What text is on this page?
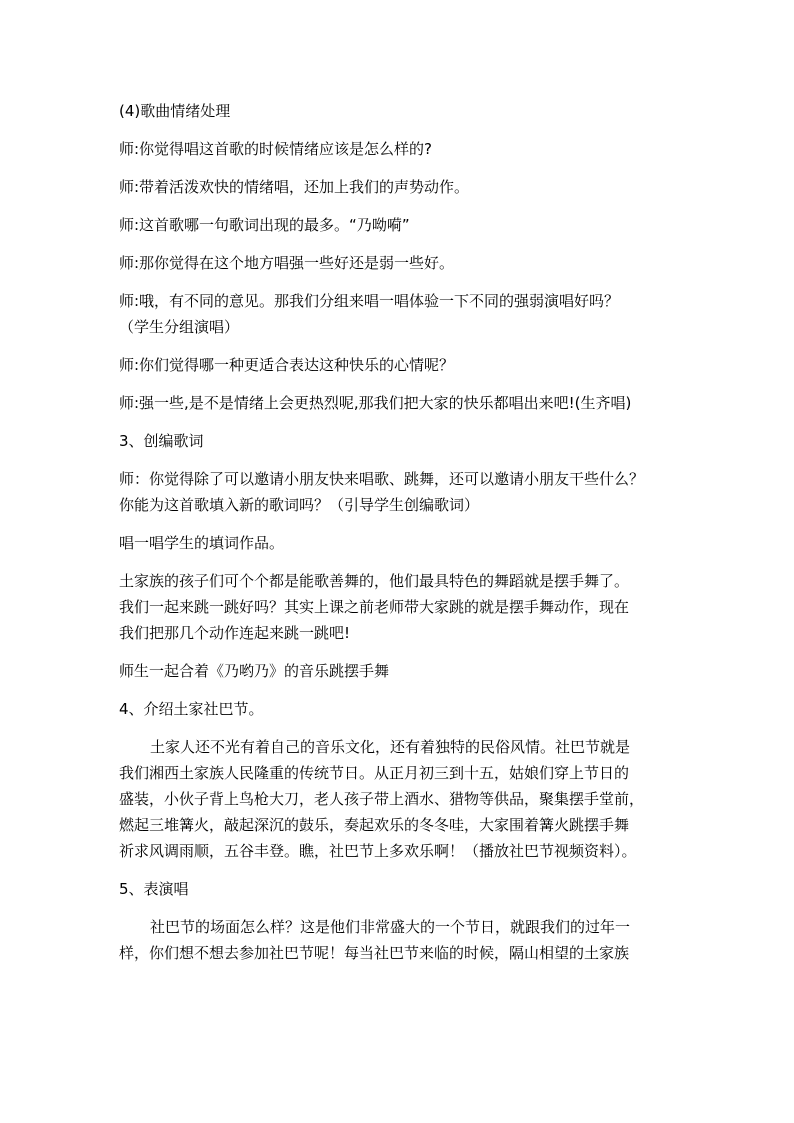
(4)歌曲情绪处理
师:你觉得唱这首歌的时候情绪应该是怎么样的?
师:带着活泼欢快的情绪唱，还加上我们的声势动作。
师:这首歌哪一句歌词出现的最多。“乃呦嗬”
师:那你觉得在这个地方唱强一些好还是弱一些好。
师:哦，有不同的意见。那我们分组来唱一唱体验一下不同的强弱演唱好吗？
（学生分组演唱）
师:你们觉得哪一种更适合表达这种快乐的心情呢？
师:强一些,是不是情绪上会更热烈呢,那我们把大家的快乐都唱出来吧!(生齐唱)
3、创编歌词
师：你觉得除了可以邀请小朋友快来唱歌、跳舞，还可以邀请小朋友干些什么？
你能为这首歌填入新的歌词吗？（引导学生创编歌词）
唱一唱学生的填词作品。
土家族的孩子们可个个都是能歌善舞的，他们最具特色的舞蹈就是摆手舞了。
我们一起来跳一跳好吗？其实上课之前老师带大家跳的就是摆手舞动作，现在
我们把那几个动作连起来跳一跳吧!
师生一起合着《乃哟乃》的音乐跳摆手舞
4、介绍土家社巴节。
土家人还不光有着自己的音乐文化，还有着独特的民俗风情。社巴节就是
我们湘西土家族人民隆重的传统节日。从正月初三到十五，姑娘们穿上节日的
盛装，小伙子背上鸟枪大刀，老人孩子带上酒水、猎物等供品，聚集摆手堂前，
燃起三堆篝火，敲起深沉的鼓乐，奏起欢乐的冬冬哇，大家围着篝火跳摆手舞
祈求风调雨顺，五谷丰登。瞧，社巴节上多欢乐啊！（播放社巴节视频资料）。
5、表演唱
社巴节的场面怎么样？这是他们非常盛大的一个节日，就跟我们的过年一
样，你们想不想去参加社巴节呢！每当社巴节来临的时候，隔山相望的土家族
